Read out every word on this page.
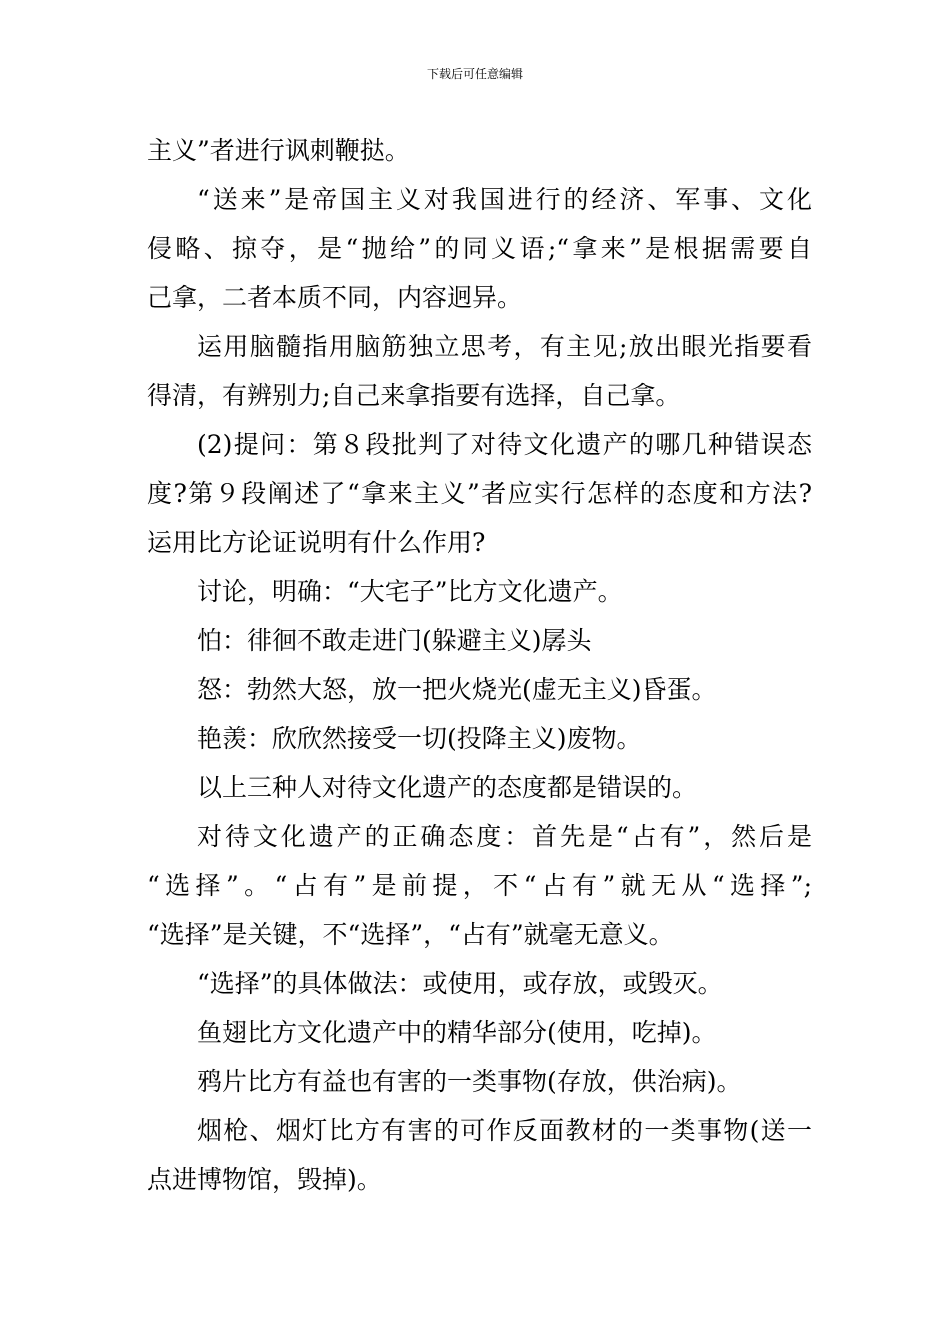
下载后可任意编辑
主义”者进行讽刺鞭挞。
“送来”是帝国主义对我国进行的经济、军事、文化
侵略、掠夺，是“抛给”的同义语;“拿来”是根据需要自
己拿，二者本质不同，内容迥异。
运用脑髓指用脑筋独立思考，有主见;放出眼光指要看
得清，有辨别力;自己来拿指要有选择，自己拿。
(2)提问：第８段批判了对待文化遗产的哪几种错误态
度?第９段阐述了“拿来主义”者应实行怎样的态度和方法?
运用比方论证说明有什么作用?
讨论，明确：“大宅子”比方文化遗产。
怕：徘徊不敢走进门(躲避主义)孱头
怒：勃然大怒，放一把火烧光(虚无主义)昏蛋。
艳羡：欣欣然接受一切(投降主义)废物。
以上三种人对待文化遗产的态度都是错误的。
对待文化遗产的正确态度：首先是“占有”，然后是
“选择”。“占有”是前提，不“占有”就无从“选择”;
“选择”是关键，不“选择”，“占有”就毫无意义。
“选择”的具体做法：或使用，或存放，或毁灭。
鱼翅比方文化遗产中的精华部分(使用，吃掉)。
鸦片比方有益也有害的一类事物(存放，供治病)。
烟枪、烟灯比方有害的可作反面教材的一类事物(送一
点进博物馆，毁掉)。
